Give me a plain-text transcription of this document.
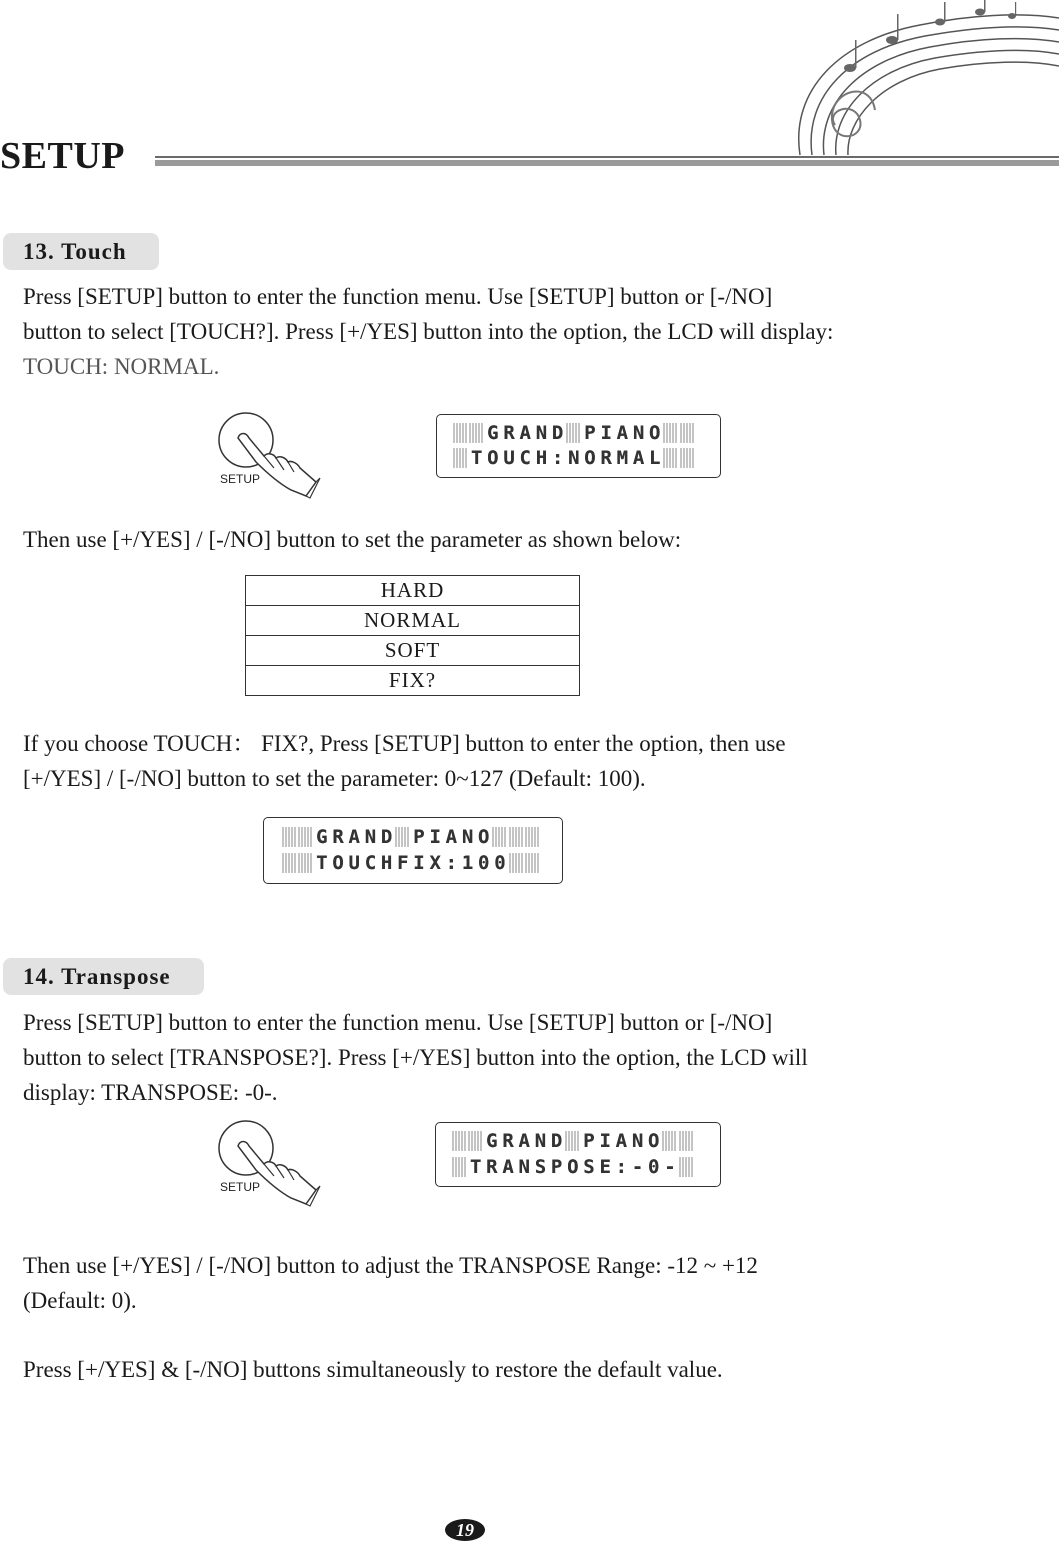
SETUP
13. Touch

Press [SETUP] button to enter the function menu. Use [SETUP] button or [-/NO]
button to select [TOUCH?]. Press [+/YES] button into the option, the LCD will display:
TOUCH: NORMAL.

SETUP
G R A N D P I A N O
T O U C H : N O R M A L

Then use [+/YES] / [-/NO] button to set the parameter as shown below:

HARD
NORMAL
SOFT
FIX?

If you choose TOUCH： FIX?, Press [SETUP] button to enter the option, then use
[+/YES] / [-/NO] button to set the parameter: 0~127 (Default: 100).

G R A N D P I A N O
T O U C H F I X : 1 0 0
14. Transpose

Press [SETUP] button to enter the function menu. Use [SETUP] button or [-/NO]
button to select [TRANSPOSE?]. Press [+/YES] button into the option, the LCD will
display: TRANSPOSE: -0-.

SETUP
G R A N D P I A N O
T R A N S P O S E : - 0 -

Then use [+/YES] / [-/NO] button to adjust the TRANSPOSE Range: -12 ~ +12
(Default: 0).

Press [+/YES] & [-/NO] buttons simultaneously to restore the default value.

19
